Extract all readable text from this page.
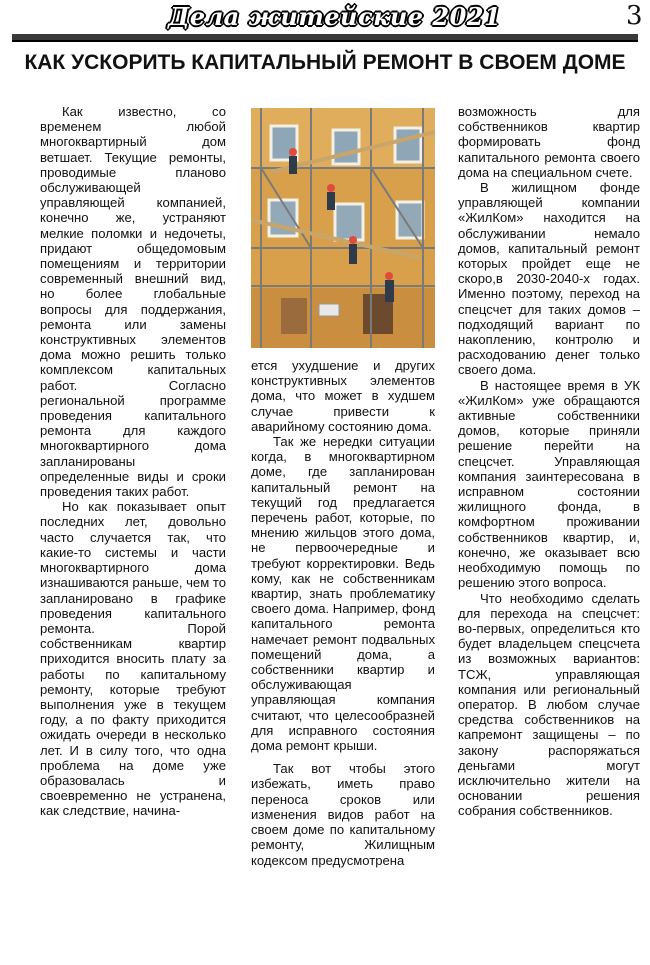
Дела житейские 2021	3
КАК УСКОРИТЬ КАПИТАЛЬНЫЙ РЕМОНТ В СВОЕМ ДОМЕ

Как известно, со временем любой многоквартирный дом ветшает. Текущие ремонты, проводимые планово обслуживающей управляющей компанией, конечно же, устраняют мелкие поломки и недочеты, придают общедомовым помещениям и территории современный внешний вид, но более глобальные вопросы для поддержания, ремонта или замены конструктивных элементов дома можно решить только комплексом капитальных работ. Согласно региональной программе проведения капитального ремонта для каждого многоквартирного дома запланированы определенные виды и сроки проведения таких работ.

Но как показывает опыт последних лет, довольно часто случается так, что какие-то системы и части многоквартирного дома изнашиваются раньше, чем то запланировано в графике проведения капитального ремонта. Порой собственникам квартир приходится вносить плату за работы по капитальному ремонту, которые требуют выполнения уже в текущем году, а по факту приходится ожидать очереди в несколько лет. И в силу того, что одна проблема на доме уже образовалась и своевременно не устранена, как следствие, начина-

ется ухудшение и других конструктивных элементов дома, что может в худшем случае привести к аварийному состоянию дома.

Так же нередки ситуации когда, в многоквартирном доме, где запланирован капитальный ремонт на текущий год предлагается перечень работ, которые, по мнению жильцов этого дома, не первоочередные и требуют корректировки. Ведь кому, как не собственникам квартир, знать проблематику своего дома. Например, фонд капитального ремонта намечает ремонт подвальных помещений дома, а собственники квартир и обслуживающая управляющая компания считают, что целесообразней для исправного состояния дома ремонт крыши.

Так вот чтобы этого избежать, иметь право переноса сроков или изменения видов работ на своем доме по капитальному ремонту, Жилищным кодексом предусмотрена

возможность для собственников квартир формировать фонд капитального ремонта своего дома на специальном счете.

В жилищном фонде управляющей компании «ЖилКом» находится на обслуживании немало домов, капитальный ремонт которых пройдет еще не скоро,в 2030-2040-х годах. Именно поэтому, переход на спецсчет для таких домов – подходящий вариант по накоплению, контролю и расходованию денег только своего дома.

В настоящее время в УК «ЖилКом» уже обращаются активные собственники домов, которые приняли решение перейти на спецсчет. Управляющая компания заинтересована в исправном состоянии жилищного фонда, в комфортном проживании собственников квартир, и, конечно, же оказывает всю необходимую помощь по решению этого вопроса.

Что необходимо сделать для перехода на спецсчет: во-первых, определиться кто будет владельцем спецсчета из возможных вариантов: ТСЖ, управляющая компания или региональный оператор. В любом случае средства собственников на капремонт защищены – по закону распоряжаться деньгами могут исключительно жители на основании решения собрания собственников.
